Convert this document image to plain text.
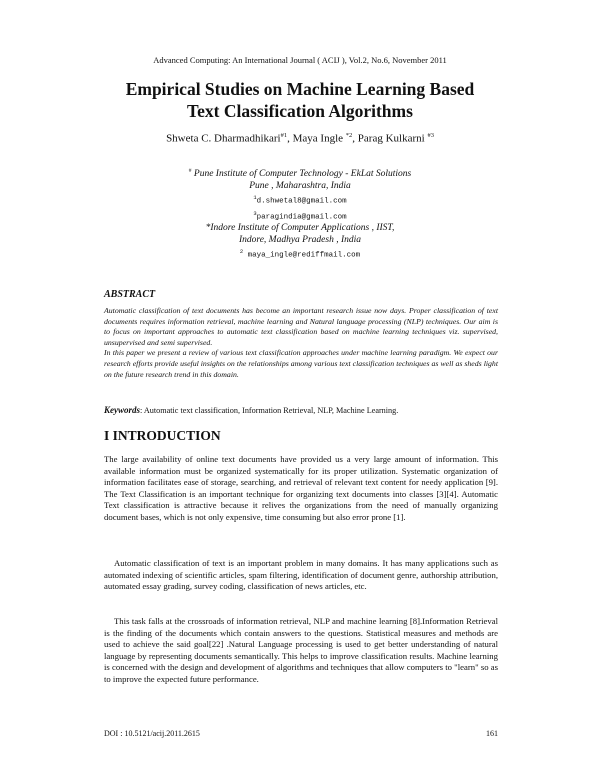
Advanced Computing: An International Journal ( ACIJ ), Vol.2, No.6, November 2011
Empirical Studies on Machine Learning Based
Text Classification Algorithms
Shweta C. Dharmadhikari$^{\#1}$, Maya Ingle $^{*2}$, Parag Kulkarni $^{\#3}$
# Pune Institute of Computer Technology - EkLat Solutions
Pune , Maharashtra, India
$^1$d.shwetal8@gmail.com
$^3$paragindia@gmail.com
*Indore Institute of Computer Applications , IIST,
Indore, Madhya Pradesh , India
$^2$ maya_ingle@rediffmail.com
ABSTRACT
Automatic classification of text documents has become an important research issue now days. Proper classification of text documents requires information retrieval, machine learning and Natural language processing (NLP) techniques. Our aim is to focus on important approaches to automatic text classification based on machine learning techniques viz. supervised, unsupervised and semi supervised.
In this paper we present a review of various text classification approaches under machine learning paradigm. We expect our research efforts provide useful insights on the relationships among various text classification techniques as well as sheds light on the future research trend in this domain.
Keywords: Automatic text classification, Information Retrieval, NLP, Machine Learning.
I INTRODUCTION
The large availability of online text documents have provided us a very large amount of information. This available information must be organized systematically for its proper utilization. Systematic organization of information facilitates ease of storage, searching, and retrieval of relevant text content for needy application [9]. The Text Classification is an important technique for organizing text documents into classes [3][4]. Automatic Text classification is attractive because it relives the organizations from the need of manually organizing document bases, which is not only expensive, time consuming but also error prone [1].
Automatic classification of text is an important problem in many domains. It has many applications such as automated indexing of scientific articles, spam filtering, identification of document genre, authorship attribution, automated essay grading, survey coding, classification of news articles, etc.
This task falls at the crossroads of information retrieval, NLP and machine learning [8].Information Retrieval is the finding of the documents which contain answers to the questions. Statistical measures and methods are used to achieve the said goal[22] .Natural Language processing is used to get better understanding of natural language by representing documents semantically. This helps to improve classification results. Machine learning is concerned with the design and development of algorithms and techniques that allow computers to "learn" so as to improve the expected future performance.
DOI : 10.5121/acij.2011.2615	161
